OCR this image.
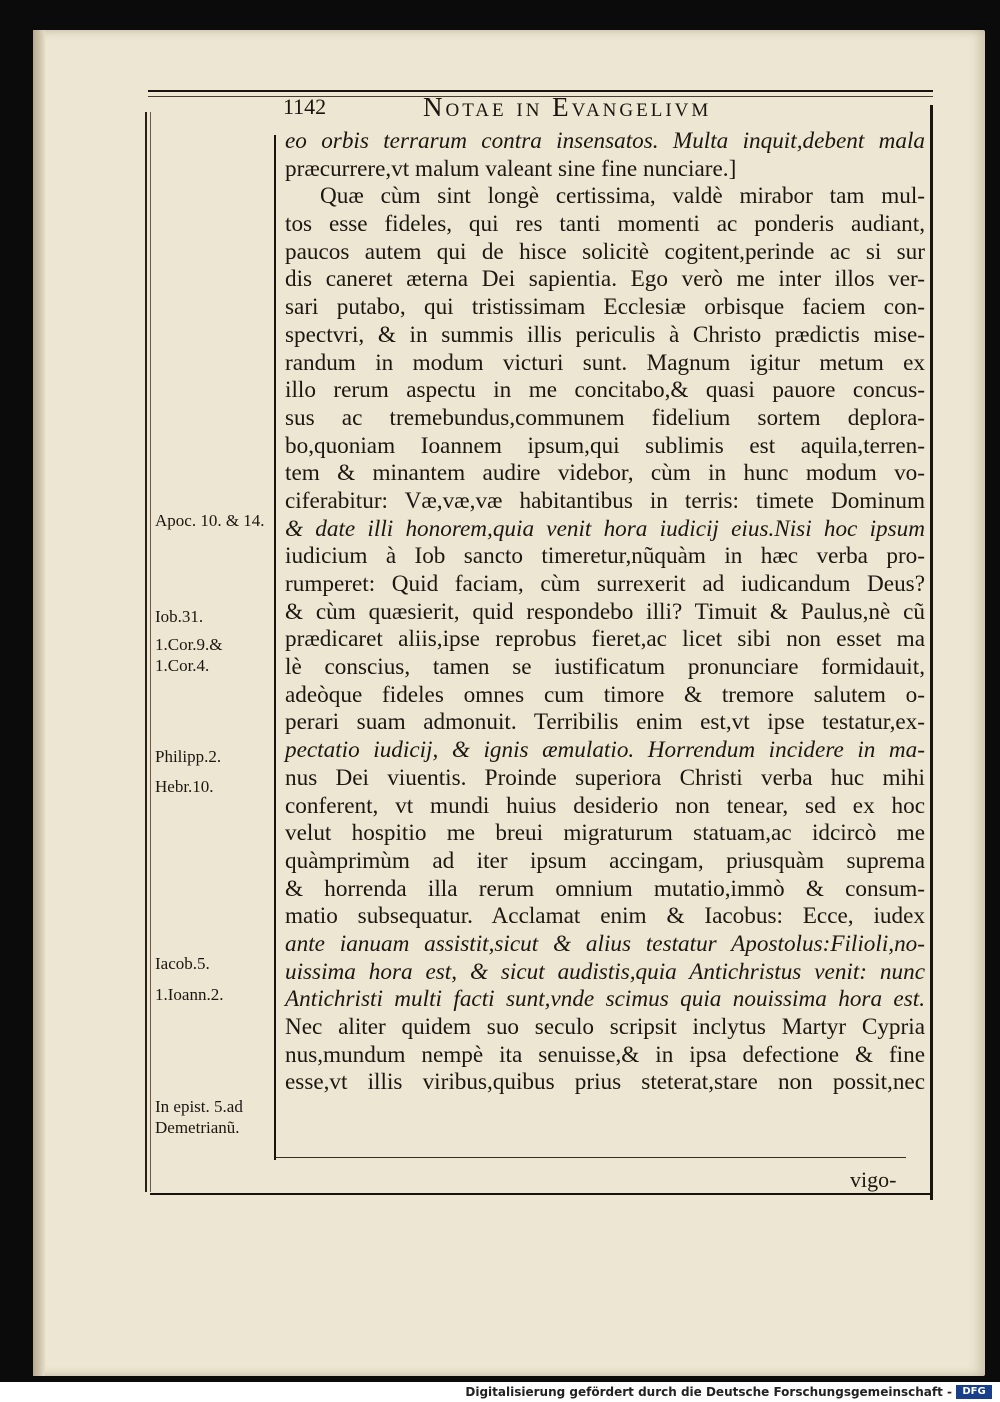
1142	Notae in Evangelivm
eo orbis terrarum contra insensatos. Multa inquit,debent mala
præcurrere,vt malum valeant sine fine nunciare.]
Quæ cùm sint longè certissima, valdè mirabor tam mul-
tos esse fideles, qui res tanti momenti ac ponderis audiant,
paucos autem qui de hisce solicitè cogitent,perinde ac si sur
dis caneret æterna Dei sapientia. Ego verò me inter illos ver-
sari putabo, qui tristissimam Ecclesiæ orbisque faciem con-
spectvri, & in summis illis periculis à Christo prædictis mise-
randum in modum victuri sunt. Magnum igitur metum ex
illo rerum aspectu in me concitabo,& quasi pauore concus-
sus ac tremebundus,communem fidelium sortem deplora-
bo,quoniam Ioannem ipsum,qui sublimis est aquila,terren-
tem & minantem audire videbor, cùm in hunc modum vo-
ciferabitur: Væ,væ,væ habitantibus in terris: timete Dominum
& date illi honorem,quia venit hora iudicij eius.Nisi hoc ipsum
iudicium à Iob sancto timeretur,nũquàm in hæc verba pro-
rumperet: Quid faciam, cùm surrexerit ad iudicandum Deus?
& cùm quæsierit, quid respondebo illi? Timuit & Paulus,nè cũ
prædicaret aliis,ipse reprobus fieret,ac licet sibi non esset ma
lè conscius, tamen se iustificatum pronunciare formidauit,
adeòque fideles omnes cum timore & tremore salutem o-
perari suam admonuit. Terribilis enim est,vt ipse testatur,ex-
pectatio iudicij, & ignis æmulatio. Horrendum incidere in ma-
nus Dei viuentis. Proinde superiora Christi verba huc mihi
conferent, vt mundi huius desiderio non tenear, sed ex hoc
velut hospitio me breui migraturum statuam,ac idcircò me
quàmprimùm ad iter ipsum accingam, priusquàm suprema
& horrenda illa rerum omnium mutatio,immò & consum-
matio subsequatur. Acclamat enim & Iacobus: Ecce, iudex
ante ianuam assistit,sicut & alius testatur Apostolus:Filioli,no-
uissima hora est, & sicut audistis,quia Antichristus venit: nunc
Antichristi multi facti sunt,vnde scimus quia nouissima hora est.
Nec aliter quidem suo seculo scripsit inclytus Martyr Cypria
nus,mundum nempè ita senuisse,& in ipsa defectione & fine
esse,vt illis viribus,quibus prius steterat,stare non possit,nec
Apoc. 10. & 14.
Iob.31.
1.Cor.9.&
1.Cor.4.
Philipp.2.
Hebr.10.
Iacob.5.
1.Ioann.2.
In epist. 5.ad Demetrianũ.
vigo-
Digitalisierung gefördert durch die Deutsche Forschungsgemeinschaft -	DFG
